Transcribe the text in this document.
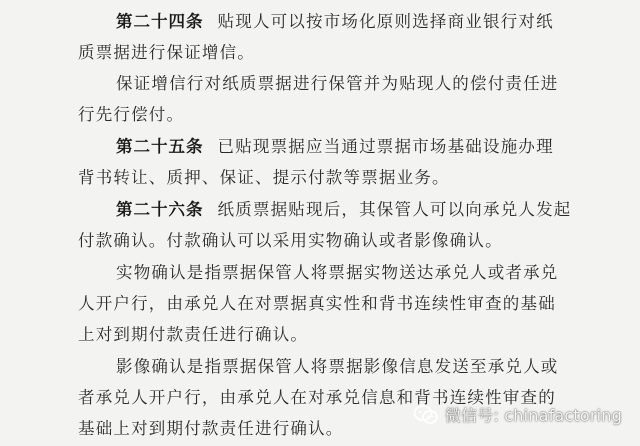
第二十四条 贴现人可以按市场化原则选择商业银行对纸
质票据进行保证增信。

保证增信行对纸质票据进行保管并为贴现人的偿付责任进
行先行偿付。

第二十五条 已贴现票据应当通过票据市场基础设施办理
背书转让、质押、保证、提示付款等票据业务。

第二十六条 纸质票据贴现后，其保管人可以向承兑人发起
付款确认。付款确认可以采用实物确认或者影像确认。

实物确认是指票据保管人将票据实物送达承兑人或者承兑
人开户行，由承兑人在对票据真实性和背书连续性审查的基础
上对到期付款责任进行确认。

影像确认是指票据保管人将票据影像信息发送至承兑人或
者承兑人开户行，由承兑人在对承兑信息和背书连续性审查的
基础上对到期付款责任进行确认。

微信号: chinafactoring
